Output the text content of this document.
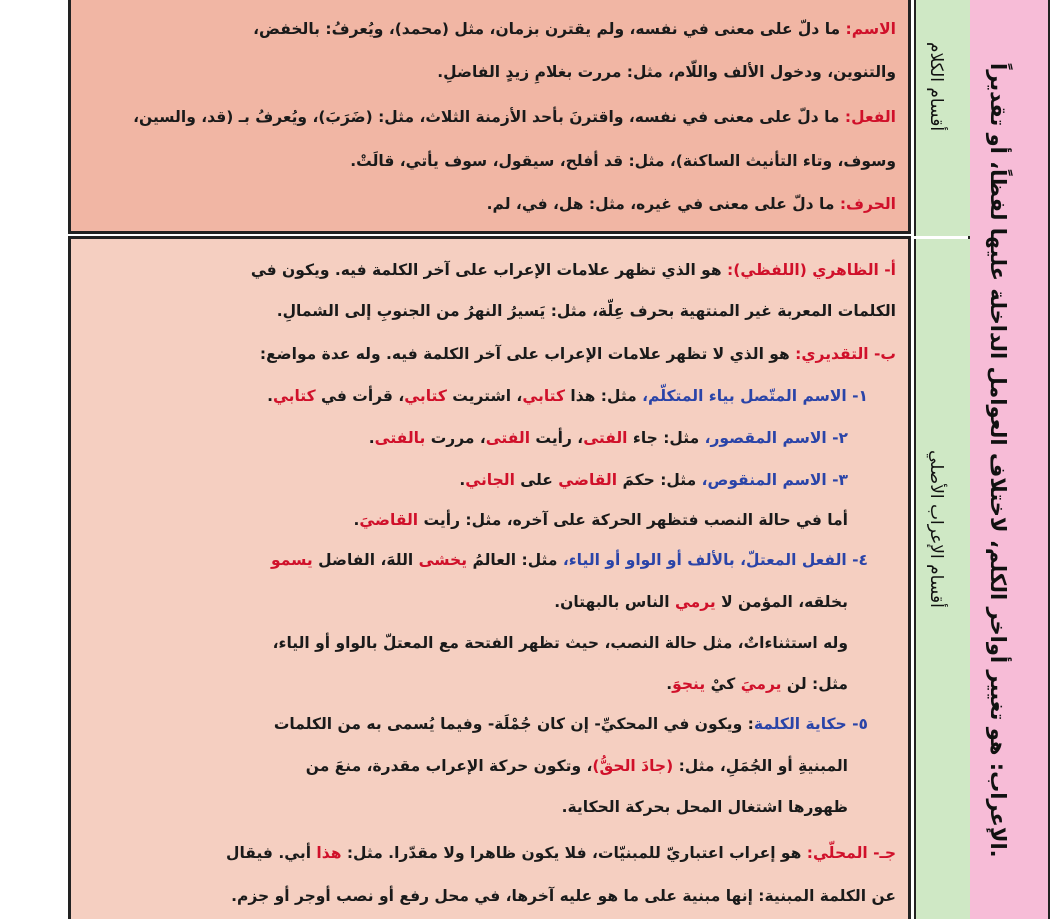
الإعراب: هو تغيير أواخر الكلم، لاختلاف العوامل الداخلة عليها لفظاً، أو تقديراً.
أقسام الكلام
أقسام الإعراب الأصلي
الاسم: ما دلّ على معنى في نفسه، ولم يقترن بزمان، مثل (محمد)، ويُعرفُ: بالخفض،
والتنوين، ودخول الألف واللّام، مثل: مررت بغلامِ زيدٍ الفاضلِ.
الفعل: ما دلّ على معنى في نفسه، واقترنَ بأحد الأزمنة الثلاث، مثل: (ضَرَبَ)، ويُعرفُ بـ (قد، والسين،
وسوف، وتاء التأنيث الساكنة)، مثل: قد أفلح، سيقول، سوف يأتي، قالَتْ.
الحرف: ما دلّ على معنى في غيره، مثل: هل، في، لم.
أ- الظاهري (اللفظي): هو الذي تظهر علامات الإعراب على آخر الكلمة فيه. ويكون في
الكلمات المعربة غير المنتهية بحرف عِلّة، مثل: يَسيرُ النهرُ من الجنوبِ إلى الشمالِ.
ب- التقديري: هو الذي لا تظهر علامات الإعراب على آخر الكلمة فيه. وله عدة مواضع:
١- الاسم المتّصل بياء المتكلّم، مثل: هذا كتابي، اشتريت كتابي، قرأت في كتابي.
٢- الاسم المقصور، مثل: جاء الفتى، رأيت الفتى، مررت بالفتى.
٣- الاسم المنقوص، مثل: حكمَ القاضي على الجاني.
أما في حالة النصب فتظهر الحركة على آخره، مثل: رأيت القاضيَ.
٤- الفعل المعتلّ، بالألف أو الواو أو الياء، مثل: العالمُ يخشى اللهَ، الفاضل يسمو
بخلقه، المؤمن لا يرمي الناس بالبهتان.
وله استثناءاتٌ، مثل حالة النصب، حيث تظهر الفتحة مع المعتلّ بالواو أو الياء،
مثل: لن يرميَ كيْ ينجوَ.
٥- حكاية الكلمة: ويكون في المحكيِّ- إن كان جُمْلَة- وفيما يُسمى به من الكلمات
المبنيةِ أو الجُمَلِ، مثل: (جادَ الحقُّ)، وتكون حركة الإعراب مقدرة، منعَ من
ظهورها اشتغال المحل بحركة الحكاية.
جـ- المحلّي: هو إعراب اعتباريّ للمبنيّات، فلا يكون ظاهرا ولا مقدّرا. مثل: هذا أبي. فيقال
عن الكلمة المبنية: إنها مبنية على ما هو عليه آخرها، في محل رفع أو نصب أوجر أو جزم.
